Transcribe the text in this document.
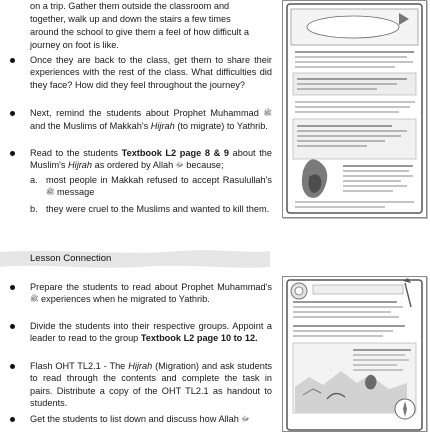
on a trip. Gather them outside the classroom and
together, walk up and down the stairs a few times
around the school to give them a feel of how difficult a
journey on foot is like.
Once they are back to the class, get them to share their experiences with the rest of the class. What difficulties did they face? How did they feel throughout the journey?
Next, remind the students about Prophet Muhammad ﷺ and the Muslims of Makkah's Hijrah (to migrate) to Yathrib.
Read to the students Textbook L2 page 8 & 9 about the Muslim's Hijrah as ordered by Allah ﷻ because;
a. most people in Makkah refused to accept Rasulullah's ﷺ message
b. they were cruel to the Muslims and wanted to kill them.
Prepare the students to read about Prophet Muhammad's ﷺ experiences when he migrated to Yathrib.
Divide the students into their respective groups. Appoint a leader to read to the group Textbook L2 page 10 to 12.
Flash OHT TL2.1 - The Hijrah (Migration) and ask students to read through the contents and complete the task in pairs. Distribute a copy of the OHT TL2.1 as handout to students.
Get the students to list down and discuss how Allah ﷻ
Lesson Connection
